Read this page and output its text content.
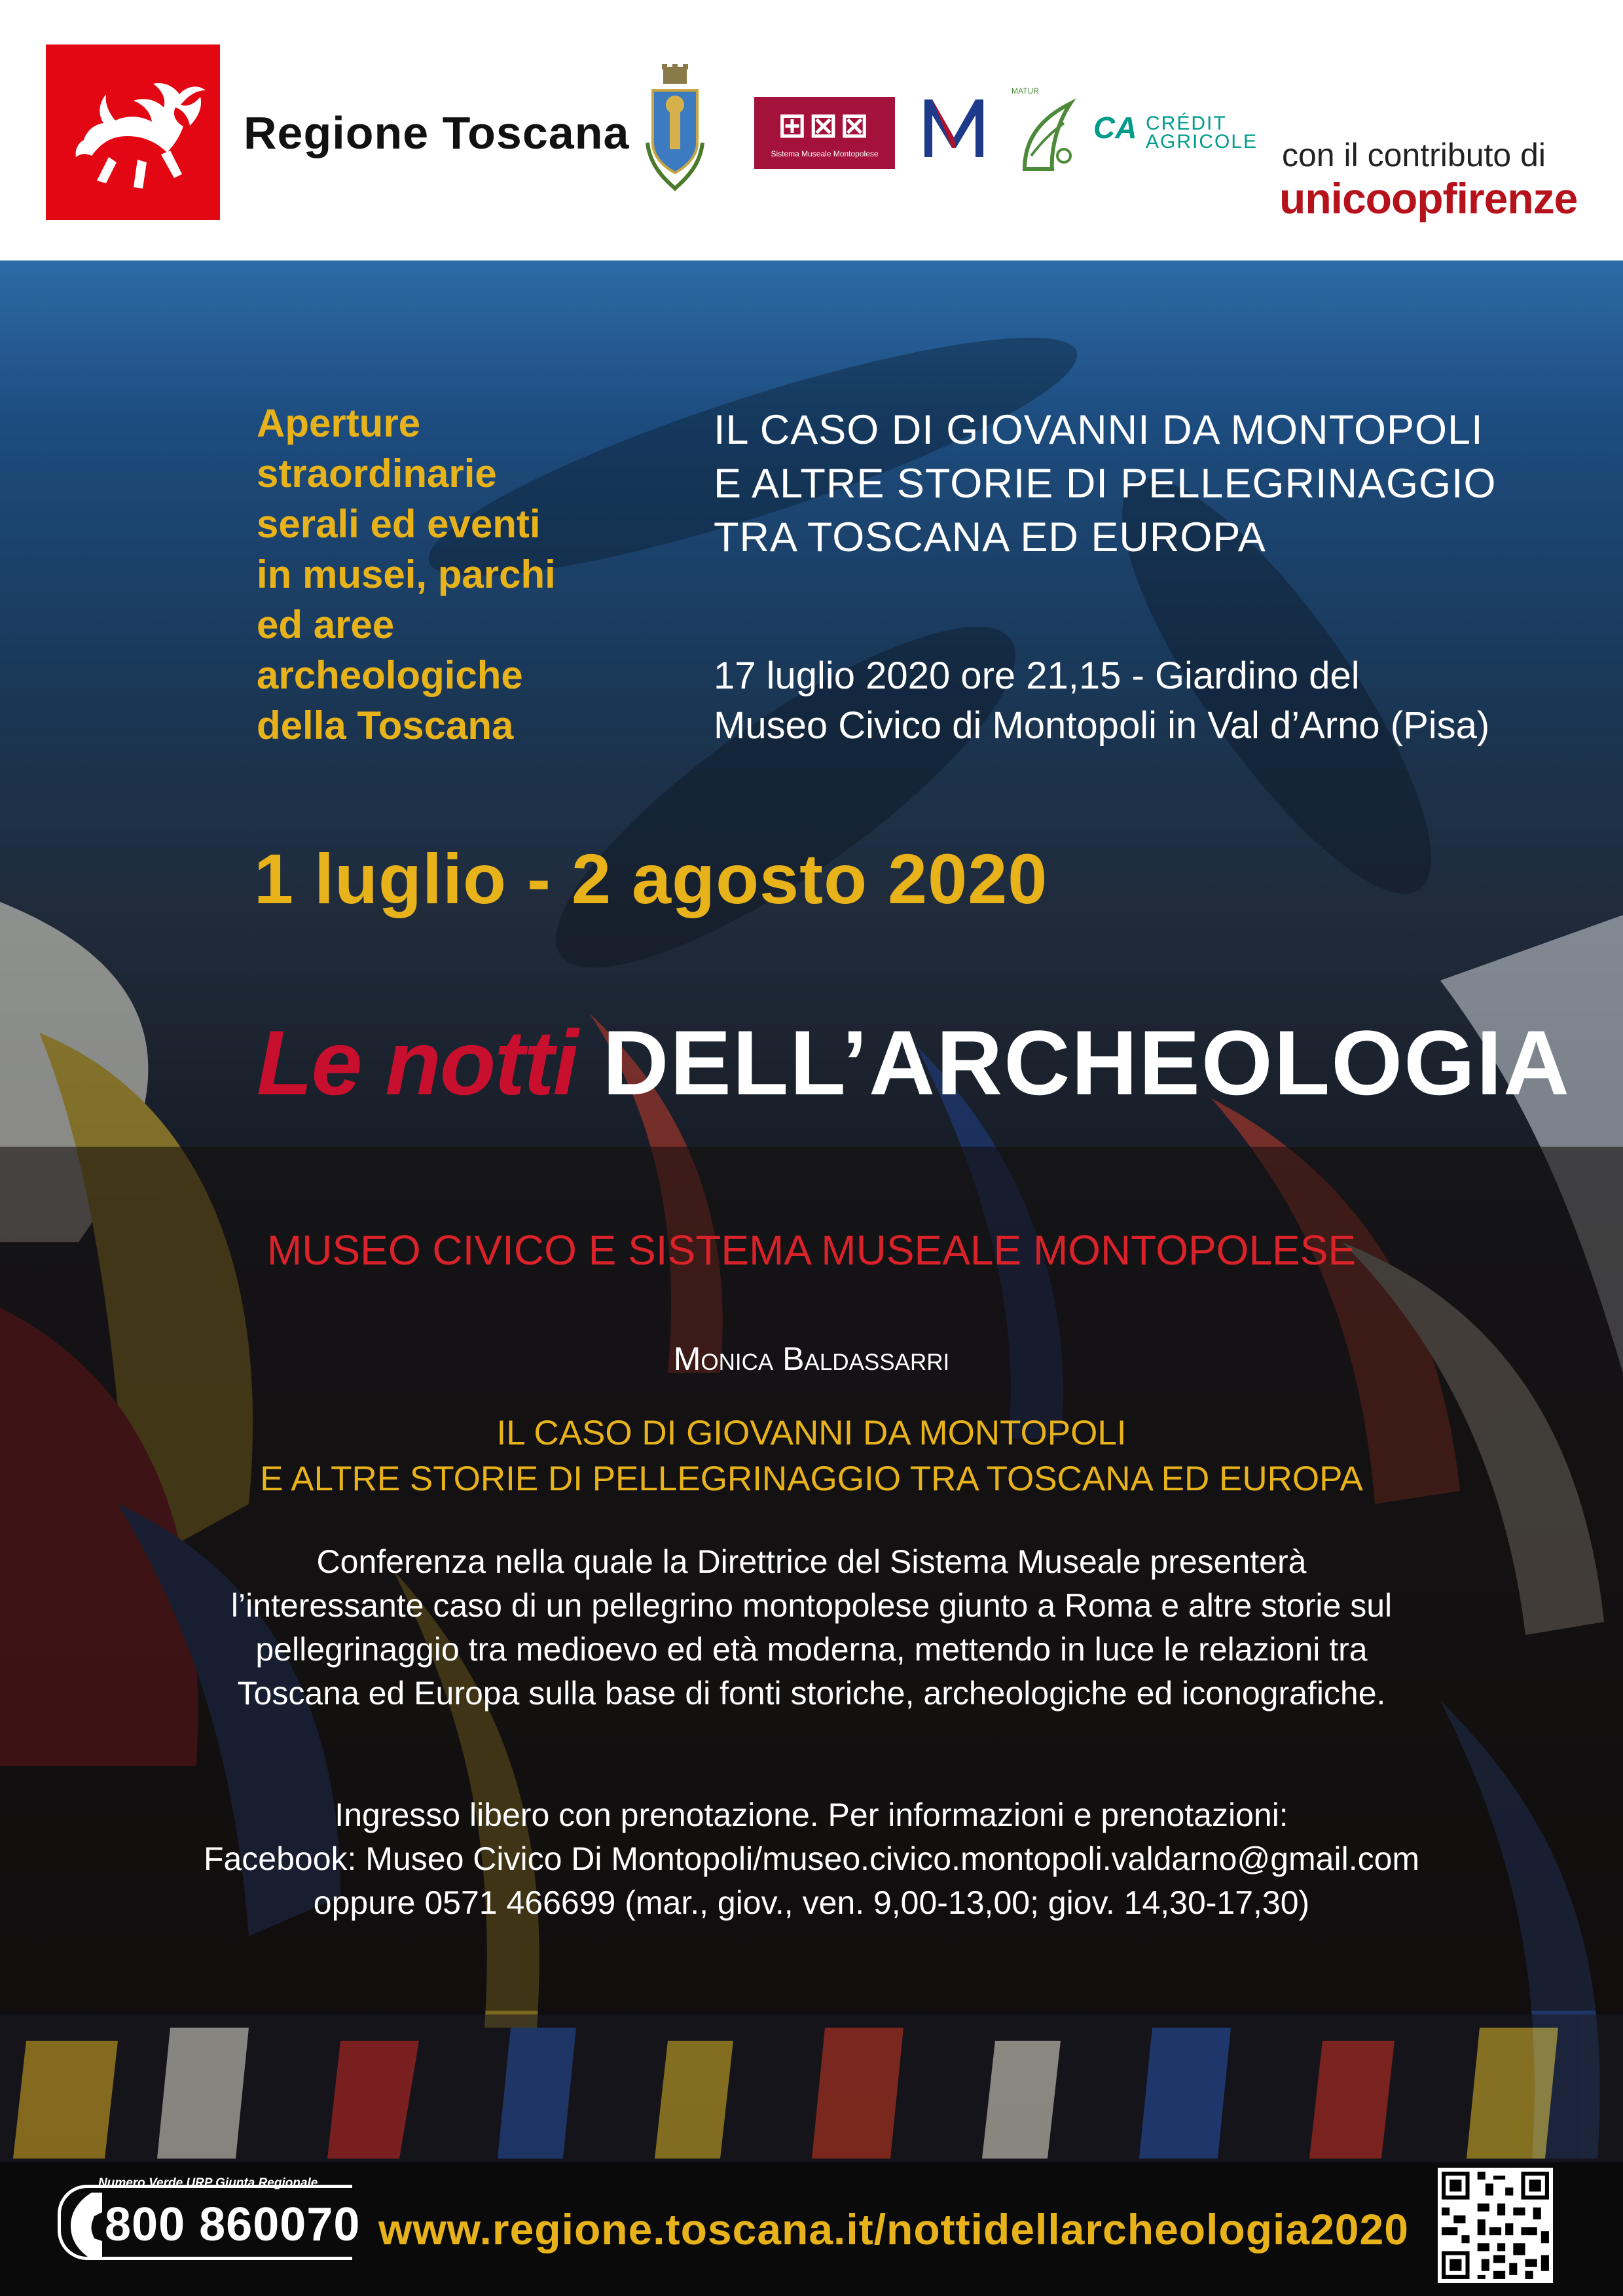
Regione Toscana	⊞⊠⊠
Sistema Museale Montopolese
MATUR
CA CRÉDIT
AGRICOLE con il contributo di
unicoopfirenze
Aperture
straordinarie
serali ed eventi
in musei, parchi
ed aree
archeologiche
della Toscana
IL CASO DI GIOVANNI DA MONTOPOLI
E ALTRE STORIE DI PELLEGRINAGGIO
TRA TOSCANA ED EUROPA
17 luglio 2020 ore 21,15 - Giardino del
Museo Civico di Montopoli in Val d’Arno (Pisa)
1 luglio - 2 agosto 2020
Le notti DELL’ARCHEOLOGIA
MUSEO CIVICO E SISTEMA MUSEALE MONTOPOLESE
Monica Baldassarri
IL CASO DI GIOVANNI DA MONTOPOLI
E ALTRE STORIE DI PELLEGRINAGGIO TRA TOSCANA ED EUROPA
Conferenza nella quale la Direttrice del Sistema Museale presenterà
l’interessante caso di un pellegrino montopolese giunto a Roma e altre storie sul
pellegrinaggio tra medioevo ed età moderna, mettendo in luce le relazioni tra
Toscana ed Europa sulla base di fonti storiche, archeologiche ed iconografiche.
Ingresso libero con prenotazione. Per informazioni e prenotazioni:
Facebook: Museo Civico Di Montopoli/museo.civico.montopoli.valdarno@gmail.com
oppure 0571 466699 (mar., giov., ven. 9,00-13,00; giov. 14,30-17,30)
Numero Verde URP Giunta Regionale
800 860070 www.regione.toscana.it/nottidellarcheologia2020
